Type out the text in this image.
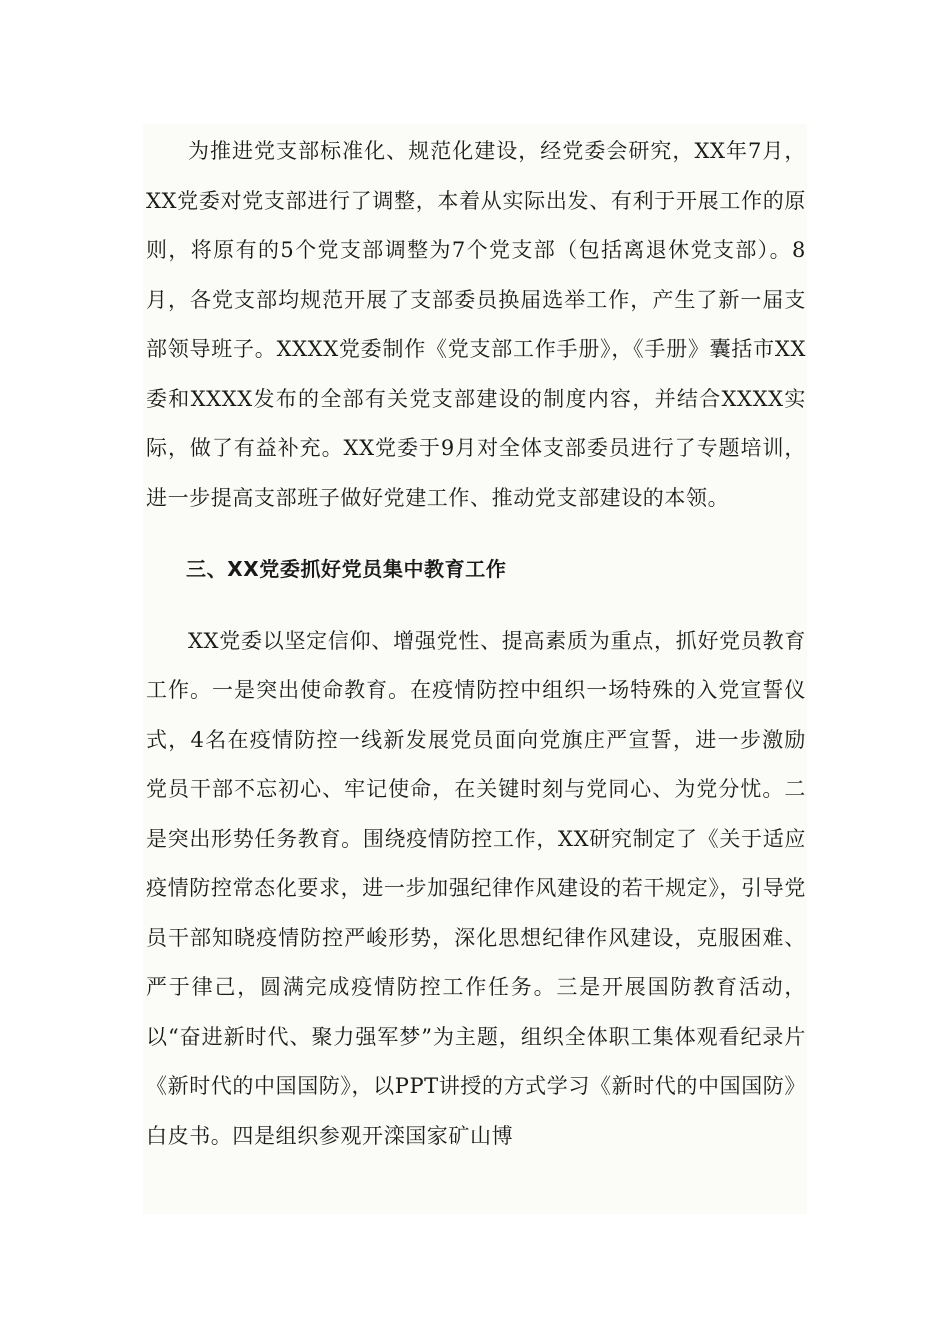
为推进党支部标准化、规范化建设，经党委会研究，XX年7月，XX党委对党支部进行了调整，本着从实际出发、有利于开展工作的原则，将原有的5个党支部调整为7个党支部（包括离退休党支部）。8月，各党支部均规范开展了支部委员换届选举工作，产生了新一届支部领导班子。XXXX党委制作《党支部工作手册》，《手册》囊括市XX委和XXXX发布的全部有关党支部建设的制度内容，并结合XXXX实际，做了有益补充。XX党委于9月对全体支部委员进行了专题培训，进一步提高支部班子做好党建工作、推动党支部建设的本领。

三、XX党委抓好党员集中教育工作

XX党委以坚定信仰、增强党性、提高素质为重点，抓好党员教育工作。一是突出使命教育。在疫情防控中组织一场特殊的入党宣誓仪式，4名在疫情防控一线新发展党员面向党旗庄严宣誓，进一步激励党员干部不忘初心、牢记使命，在关键时刻与党同心、为党分忧。二是突出形势任务教育。围绕疫情防控工作，XX研究制定了《关于适应疫情防控常态化要求，进一步加强纪律作风建设的若干规定》，引导党员干部知晓疫情防控严峻形势，深化思想纪律作风建设，克服困难、严于律己，圆满完成疫情防控工作任务。三是开展国防教育活动，以“奋进新时代、聚力强军梦”为主题，组织全体职工集体观看纪录片《新时代的中国国防》，以PPT讲授的方式学习《新时代的中国国防》白皮书。四是组织参观开滦国家矿山博
